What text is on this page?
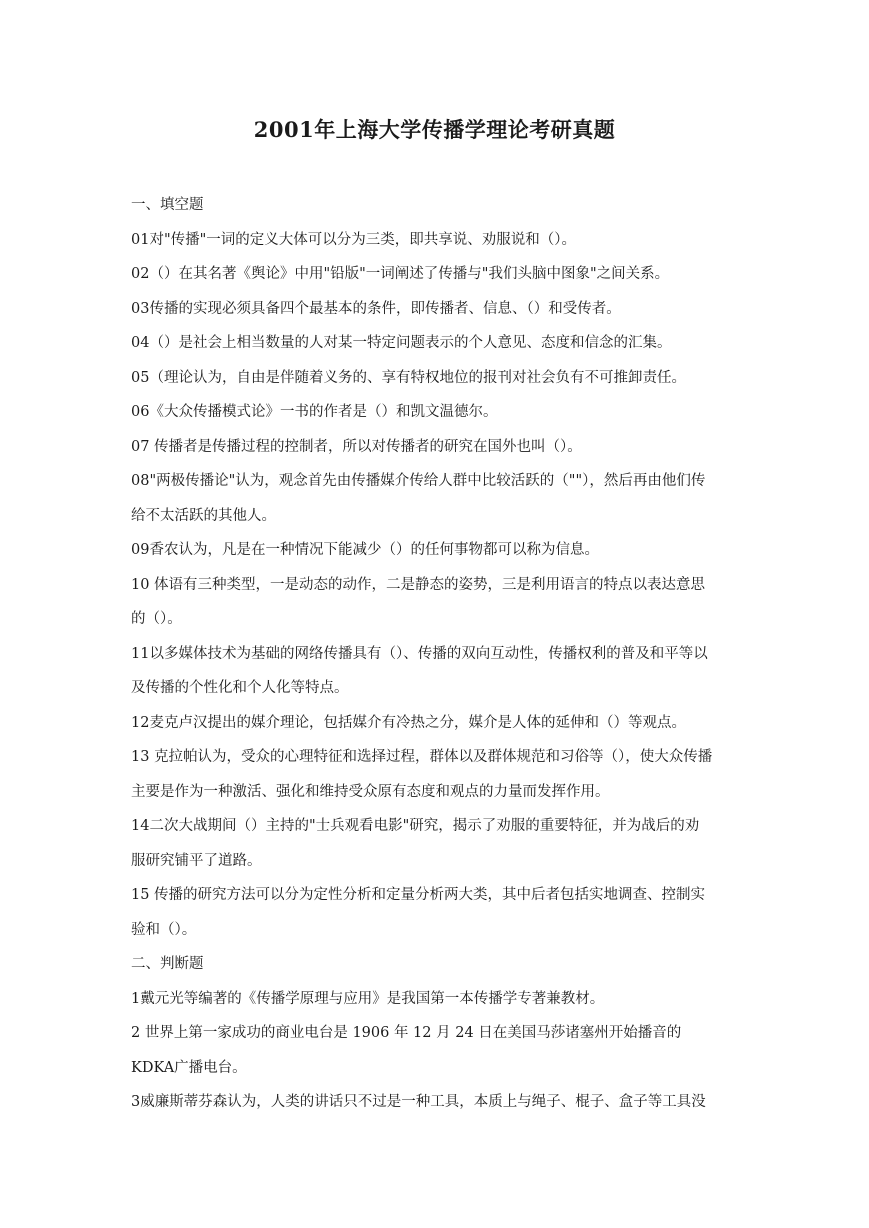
2001年上海大学传播学理论考研真题

一、填空题

01对"传播"一词的定义大体可以分为三类，即共享说、劝服说和（）。

02（）在其名著《舆论》中用"铅版"一词阐述了传播与"我们头脑中图象"之间关系。

03传播的实现必须具备四个最基本的条件，即传播者、信息、（）和受传者。

04（）是社会上相当数量的人对某一特定问题表示的个人意见、态度和信念的汇集。

05（理论认为，自由是伴随着义务的、享有特权地位的报刊对社会负有不可推卸责任。

06《大众传播模式论》一书的作者是（）和凯文温德尔。

07 传播者是传播过程的控制者，所以对传播者的研究在国外也叫（）。

08"两极传播论"认为，观念首先由传播媒介传给人群中比较活跃的（""），然后再由他们传

给不太活跃的其他人。

09香农认为，凡是在一种情况下能减少（）的任何事物都可以称为信息。

10 体语有三种类型，一是动态的动作，二是静态的姿势，三是利用语言的特点以表达意思

的（）。

11以多媒体技术为基础的网络传播具有（）、传播的双向互动性，传播权利的普及和平等以

及传播的个性化和个人化等特点。

12麦克卢汉提出的媒介理论，包括媒介有冷热之分，媒介是人体的延伸和（）等观点。

13 克拉帕认为，受众的心理特征和选择过程，群体以及群体规范和习俗等（），使大众传播

主要是作为一种激活、强化和维持受众原有态度和观点的力量而发挥作用。

14二次大战期间（）主持的"士兵观看电影"研究，揭示了劝服的重要特征，并为战后的劝

服研究铺平了道路。

15 传播的研究方法可以分为定性分析和定量分析两大类，其中后者包括实地调查、控制实

验和（）。

二、判断题

1戴元光等编著的《传播学原理与应用》是我国第一本传播学专著兼教材。

2 世界上第一家成功的商业电台是 1906 年 12 月 24 日在美国马莎诸塞州开始播音的

KDKA广播电台。

3威廉斯蒂芬森认为，人类的讲话只不过是一种工具，本质上与绳子、棍子、盒子等工具没
